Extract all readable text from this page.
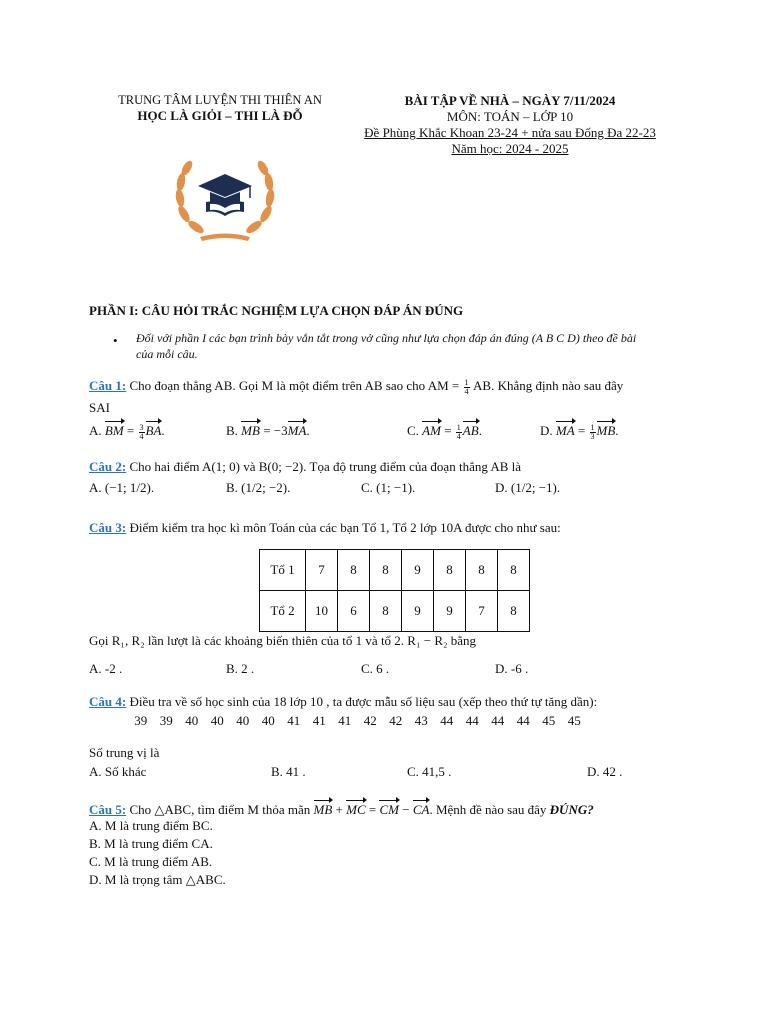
TRUNG TÂM LUYỆN THI THIÊN AN
HỌC LÀ GIỎI – THI LÀ ĐỖ
BÀI TẬP VỀ NHÀ – NGÀY 7/11/2024
MÔN: TOÁN – LỚP 10
Đề Phùng Khắc Khoan 23-24 + nửa sau Đống Đa 22-23
Năm học: 2024 - 2025
PHẦN I: CÂU HỎI TRẮC NGHIỆM LỰA CHỌN ĐÁP ÁN ĐÚNG
• Đối với phần I các bạn trình bày vắn tắt trong vở cũng như lựa chọn đáp án đúng (A B C D) theo đề bài
của mỗi câu.
Câu 1: Cho đoạn thẳng AB. Gọi M là một điểm trên AB sao cho AM = $\frac{1}{4}$ AB. Khẳng định nào sau đây
SAI
A. BM = $\frac{3}{4}$ BA.	B. MB = −3MA.	C. AM = $\frac{1}{4}$ AB.	D. MA = $\frac{1}{3}$ MB.
Câu 2: Cho hai điểm A(1; 0) và B(0; −2). Tọa độ trung điểm của đoạn thẳng AB là
A. (−1; 1/2).	B. (1/2; −2).	C. (1; −1).	D. (1/2; −1).
Câu 3: Điểm kiểm tra học kì môn Toán của các bạn Tổ 1, Tổ 2 lớp 10A được cho như sau:
Tổ 1	7	8	8	9	8	8	8
Tổ 2	10	6	8	9	9	7	8
Gọi R₁, R₂ lần lượt là các khoảng biến thiên của tổ 1 và tổ 2. R₁ − R₂ bằng
A. -2 .	B. 2 .	C. 6 .	D. -6 .
Câu 4: Điều tra về số học sinh của 18 lớp 10 , ta được mẫu số liệu sau (xếp theo thứ tự tăng dần):
39 39 40 40 40 40 41 41 41 42 42 43 44 44 44 44 45 45
Số trung vị là
A. Số khác	B. 41 .	C. 41,5 .	D. 42 .
Câu 5: Cho △ABC, tìm điểm M thỏa mãn MB + MC = CM − CA. Mệnh đề nào sau đây ĐÚNG?
A. M là trung điểm BC.
B. M là trung điểm CA.
C. M là trung điểm AB.
D. M là trọng tâm △ABC.
